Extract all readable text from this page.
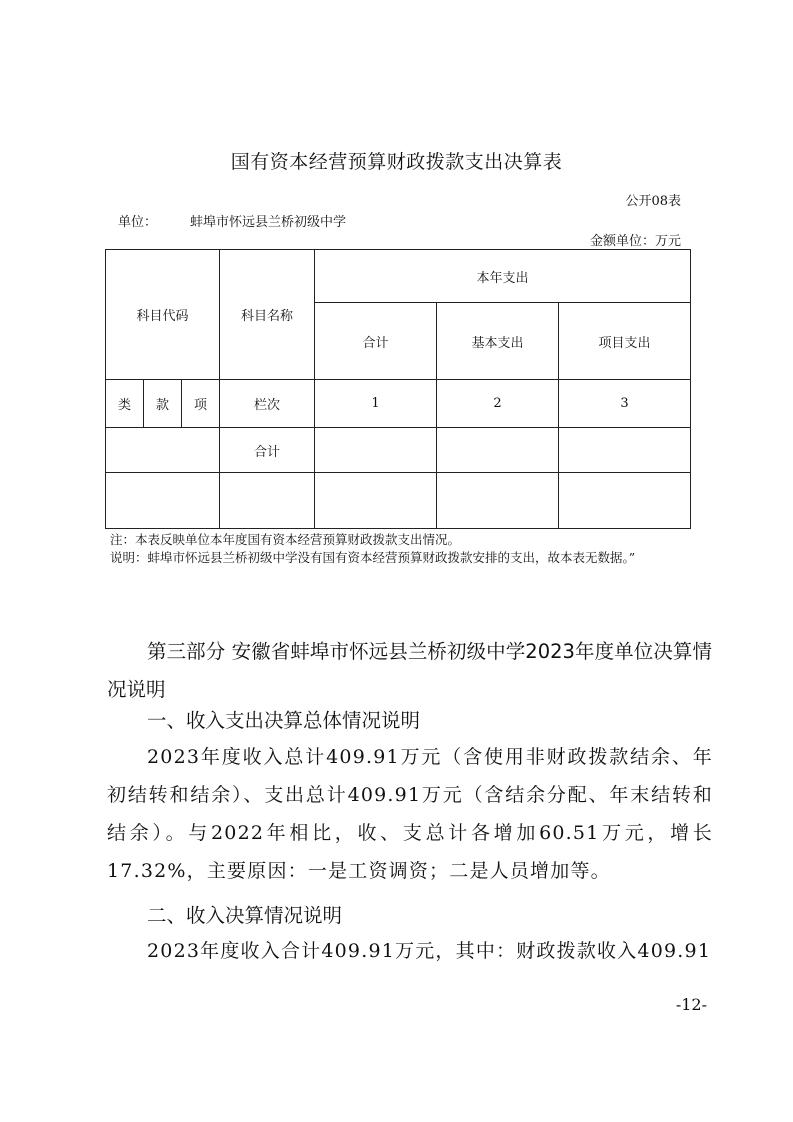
国有资本经营预算财政拨款支出决算表
公开08表
单位：	蚌埠市怀远县兰桥初级中学
金额单位：万元
科目代码			科目名称	本年支出		
				合计	基本支出	项目支出
类	款	项	栏次	1	2	3
			合计			

注：本表反映单位本年度国有资本经营预算财政拨款支出情况。
说明：蚌埠市怀远县兰桥初级中学没有国有资本经营预算财政拨款安排的支出，故本表无数据。”
第三部分 安徽省蚌埠市怀远县兰桥初级中学2023年度单位决算情况说明
一、收入支出决算总体情况说明
2023年度收入总计409.91万元（含使用非财政拨款结余、年初结转和结余）、支出总计409.91万元（含结余分配、年末结转和结余）。与2022年相比，收、支总计各增加60.51万元，增长17.32%，主要原因：一是工资调资；二是人员增加等。
二、收入决算情况说明
2023年度收入合计409.91万元，其中：财政拨款收入409.91
-12-
